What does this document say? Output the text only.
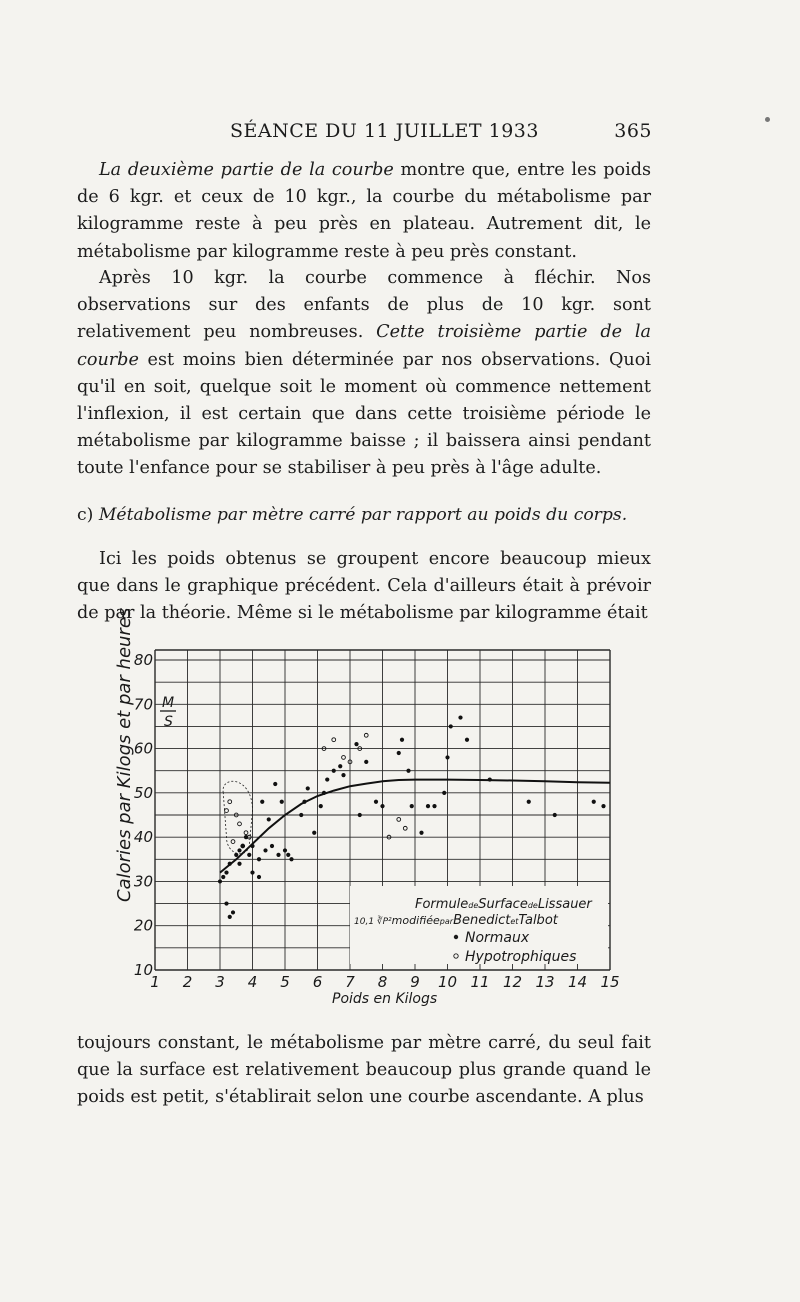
SÉANCE DU 11 JUILLET 1933	365

La deuxième partie de la courbe montre que, entre les poids de 6 kgr. et ceux de 10 kgr., la courbe du métabolisme par kilogramme reste à peu près en plateau. Autrement dit, le métabolisme par kilogramme reste à peu près constant.

Après 10 kgr. la courbe commence à fléchir. Nos observations sur des enfants de plus de 10 kgr. sont relativement peu nombreuses. Cette troisième partie de la courbe est moins bien déterminée par nos observations. Quoi qu'il en soit, quelque soit le moment où commence nettement l'inflexion, il est certain que dans cette troisième période le métabolisme par kilogramme baisse ; il baissera ainsi pendant toute l'enfance pour se stabiliser à peu près à l'âge adulte.

c) Métabolisme par mètre carré par rapport au poids du corps.

Ici les poids obtenus se groupent encore beaucoup mieux que dans le graphique précédent. Cela d'ailleurs était à prévoir de par la théorie. Même si le métabolisme par kilogramme était

10
20
30
40
50
60
70
80
1 2 3 4 5 6 7 8 9 10 11 12 13 14 15
Calories par Kilogs et par heures
Poids en Kilogs
M
S
FormuledeSurfacedeLissauer
10,1 ∛P²modifiéeparBenedictetTalbot
Normaux
Hypotrophiques

toujours constant, le métabolisme par mètre carré, du seul fait que la surface est relativement beaucoup plus grande quand le poids est petit, s'établirait selon une courbe ascendante. A plus
